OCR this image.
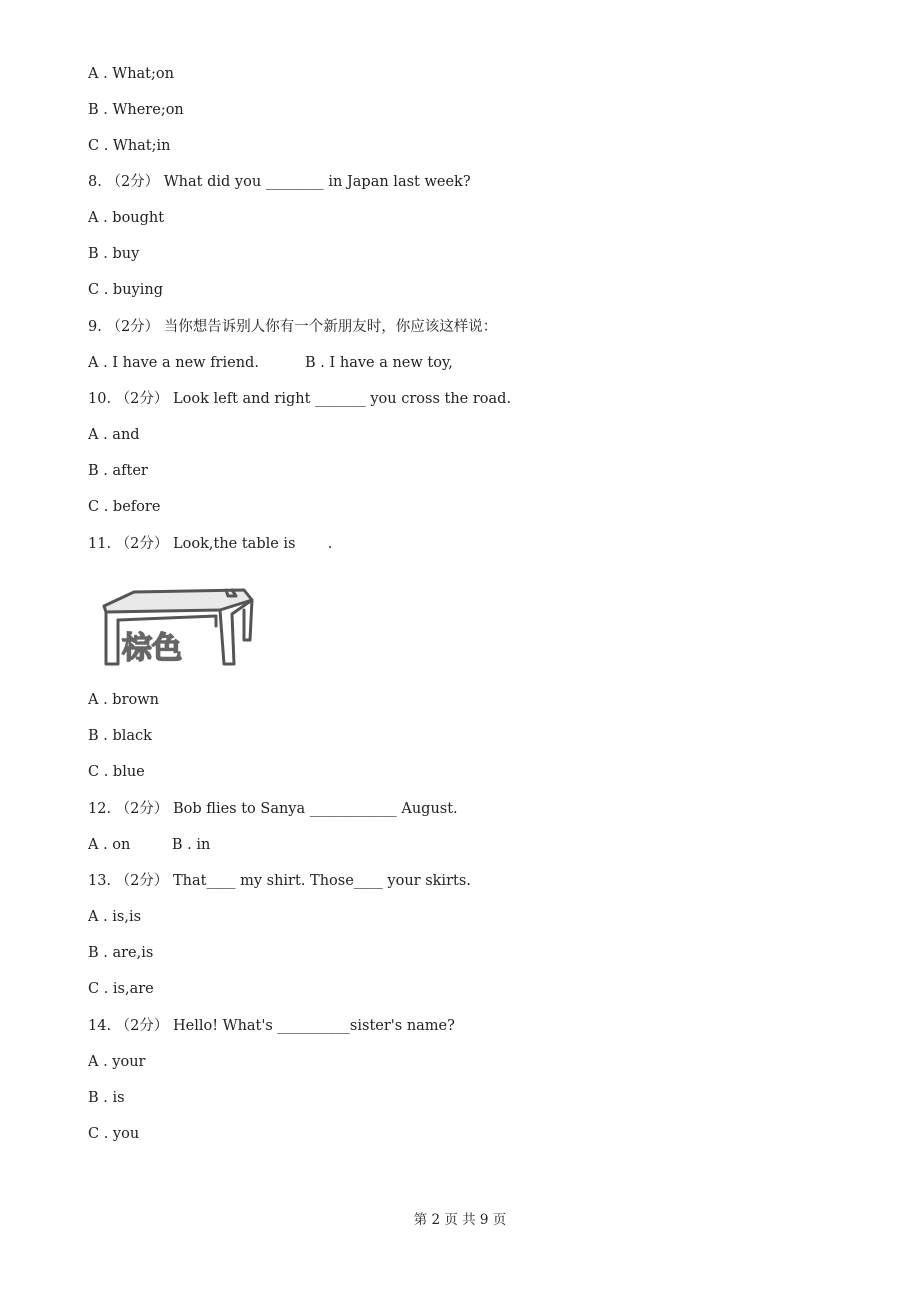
A . What;on
B . Where;on
C . What;in
8. （2分） What did you ________ in Japan last week?
A . bought
B . buy
C . buying
9. （2分） 当你想告诉别人你有一个新朋友时，你应该这样说：
A . I have a new friend.          B . I have a new toy,
10. （2分） Look left and right _______ you cross the road.
A . and
B . after
C . before
11. （2分） Look,the table is       .
棕色
A . brown
B . black
C . blue
12. （2分） Bob flies to Sanya ____________ August.
A . on         B . in
13. （2分） That____ my shirt. Those____ your skirts.
A . is,is
B . are,is
C . is,are
14. （2分） Hello! What's __________sister's name?
A . your
B . is
C . you
第 2 页 共 9 页
